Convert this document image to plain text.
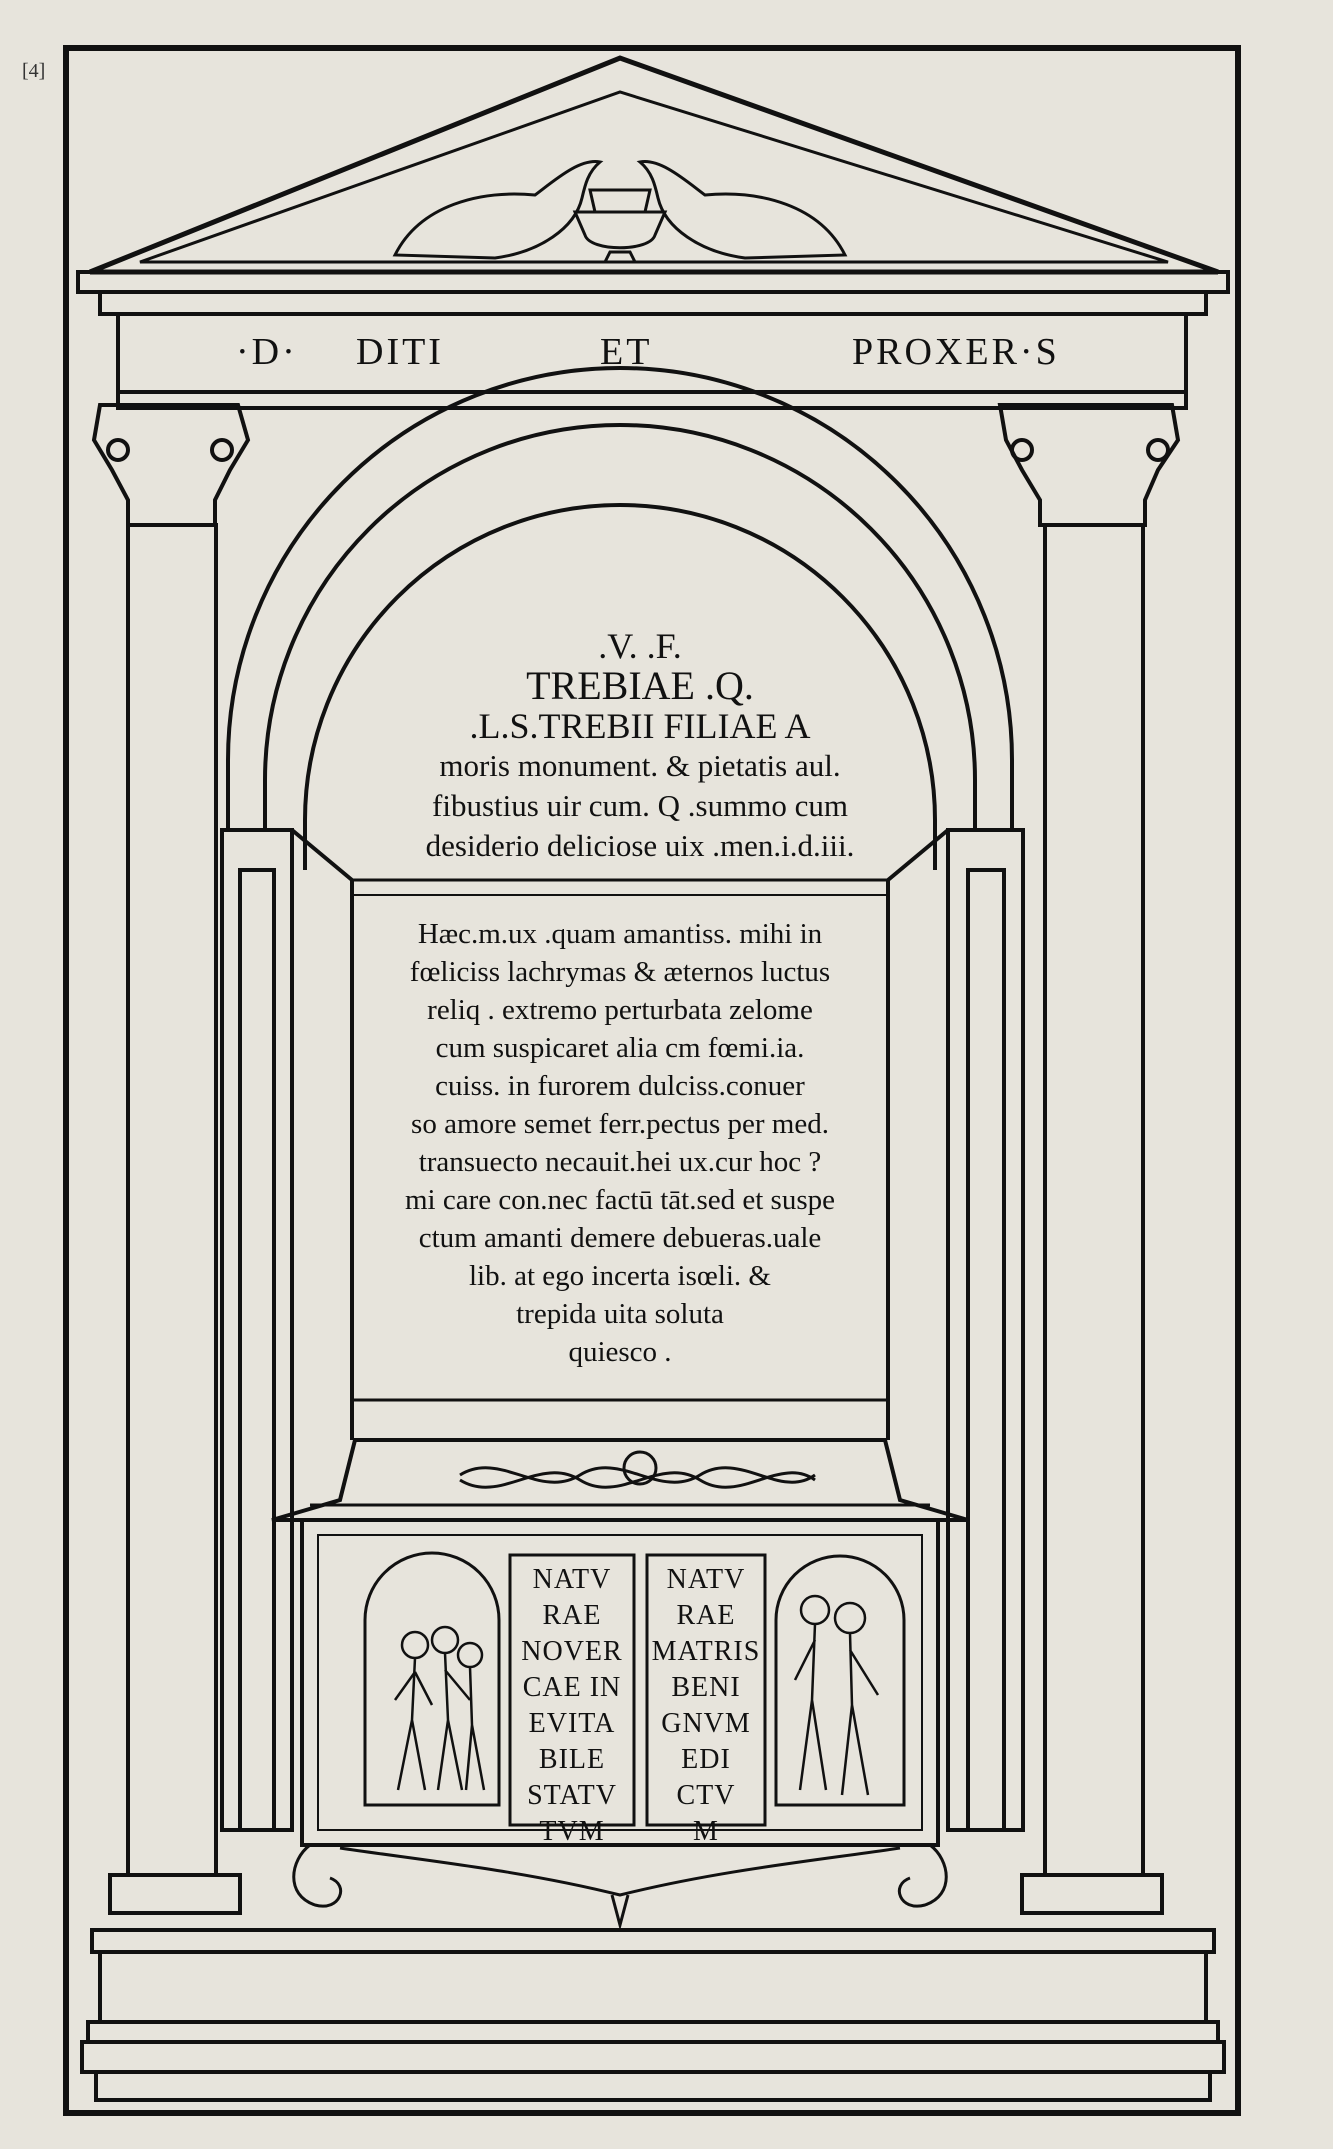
[4]
·D· DITI	ET	PROXER·S
.V. .F.
TREBIAE .Q.
.L.S.TREBII FILIAE A
moris monument. & pietatis aul.
fibustius uir cum. Q .summo cum
desiderio deliciose uix .men.i.d.iii.
Hæc.m.ux .quam amantiss. mihi in
fœliciss lachrymas & æternos luctus
reliq . extremo perturbata zelome
cum suspicaret alia cm fœmi.ia.
cuiss. in furorem dulciss.conuer
so amore semet ferr.pectus per med.
transuecto necauit.hei ux.cur hoc ?
mi care con.nec factū tāt.sed et suspe
ctum amanti demere debueras.uale
lib. at ego incerta isœli. &
trepida uita soluta
quiesco .
NATV
RAE
NOVER
CAE IN
EVITA
BILE
STATV
TVM
NATV
RAE
MATRIS
BENI
GNVM
EDI
CTV
M
